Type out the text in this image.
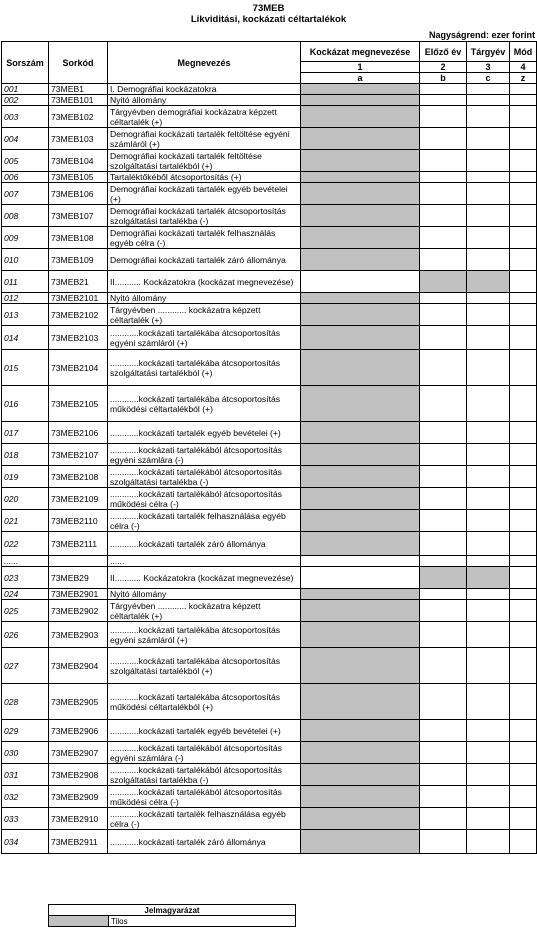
73MEB
Likviditási, kockázati céltartalékok
Nagyságrend: ezer forint
Sorszám	Sorkód	Megnevezés	Kockázat megnevezése	Előző év	Tárgyév	Mód
			1	2	3	4
			a	b	c	z
001	73MEB1	I. Demográfiai kockázatokra				
002	73MEB101	Nyitó állomány				
003	73MEB102	Tárgyévben demográfiai kockázatra képzett céltartalék (+)				
004	73MEB103	Demográfiai kockázati tartalék feltöltése egyéni számláról (+)				
005	73MEB104	Demográfiai kockázati tartalék feltöltése szolgáltatási tartalékból (+)				
006	73MEB105	Tartaléktőkéből átcsoportosítás (+)				
007	73MEB106	Demográfiai kockázati tartalék egyéb bevételei (+)				
008	73MEB107	Demográfiai kockázati tartalék átcsoportosítás szolgáltatási tartalékba (-)				
009	73MEB108	Demográfiai kockázati tartalék felhasználás egyéb célra (-)				
010	73MEB109	Demográfiai kockázati tartalék záró állománya				
011	73MEB21	II........... Kockázatokra (kockázat megnevezése)				
012	73MEB2101	Nyitó állomány				
013	73MEB2102	Tárgyévben ............ kockázatra képzett céltartalék (+)				
014	73MEB2103	............kockázati tartalékába átcsoportosítás egyéni számláról (+)				
015	73MEB2104	............kockázati tartalékába átcsoportosítás szolgáltatási tartalékból (+)				
016	73MEB2105	............kockázati tartalékába átcsoportosítás működési céltartalékból (+)				
017	73MEB2106	............kockázati tartalék egyéb bevételei (+)				
018	73MEB2107	............kockázati tartalékából átcsoportosítás egyéni számlára (-)				
019	73MEB2108	............kockázati tartalékából átcsoportosítás szolgáltatási tartalékba (-)				
020	73MEB2109	............kockázati tartalékából átcsoportosítás működési célra (-)				
021	73MEB2110	............kockázati tartalék felhasználása egyéb célra (-)				
022	73MEB2111	............kockázati tartalék záró állománya				
......		......				
023	73MEB29	II........... Kockázatokra (kockázat megnevezése)				
024	73MEB2901	Nyitó állomány				
025	73MEB2902	Tárgyévben ............ kockázatra képzett céltartalék (+)				
026	73MEB2903	............kockázati tartalékába átcsoportosítás egyéni számláról (+)				
027	73MEB2904	............kockázati tartalékába átcsoportosítás szolgáltatási tartalékból (+)				
028	73MEB2905	............kockázati tartalékába átcsoportosítás működési céltartalékból (+)				
029	73MEB2906	............kockázati tartalék egyéb bevételei (+)				
030	73MEB2907	............kockázati tartalékából átcsoportosítás egyéni számlára (-)				
031	73MEB2908	............kockázati tartalékából átcsoportosítás szolgáltatási tartalékba (-)				
032	73MEB2909	............kockázati tartalékából átcsoportosítás működési célra (-)				
033	73MEB2910	............kockázati tartalék felhasználása egyéb célra (-)				
034	73MEB2911	............kockázati tartalék záró állománya				
Jelmagyarázat
	Tilos
